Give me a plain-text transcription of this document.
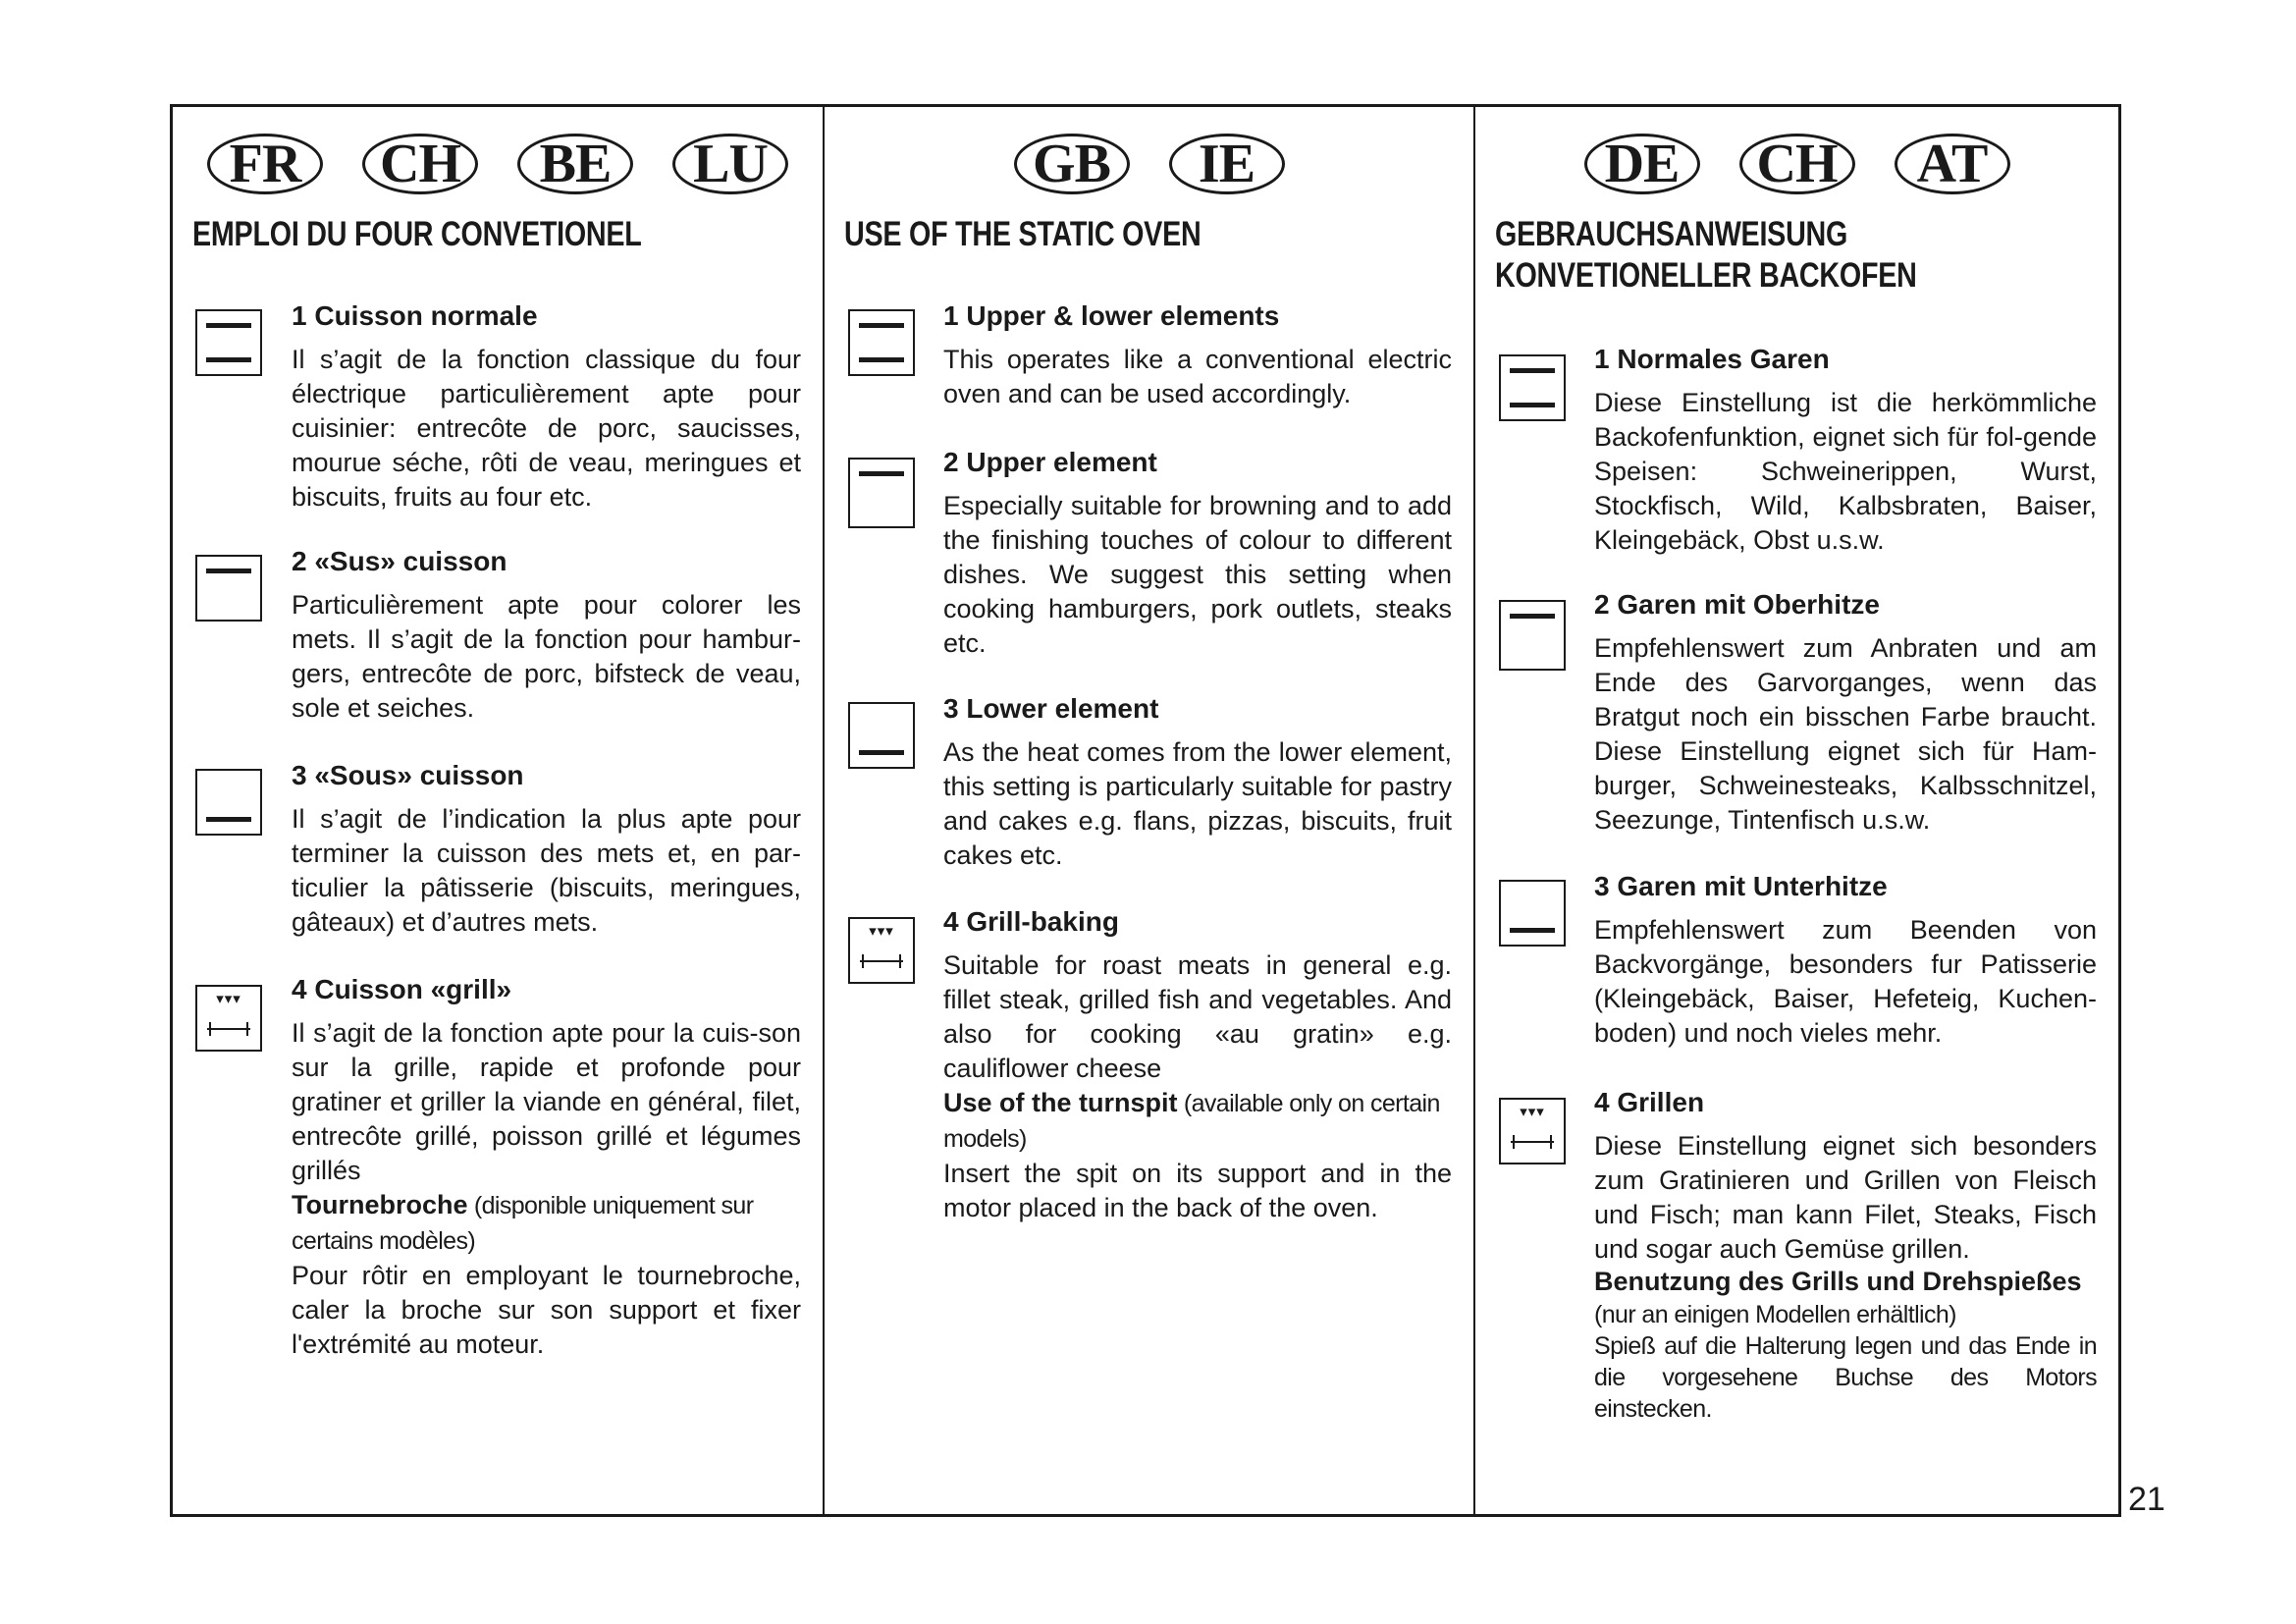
FR	CH	BE	LU
EMPLOI DU FOUR CONVETIONEL

1 Cuisson normale

Il s’agit de la fonction classique du four électrique particulièrement apte pour cuisinier: entrecôte de porc, saucisses, mourue séche, rôti de veau, meringues et biscuits, fruits au four etc.

2 «Sus» cuisson

Particulièrement apte pour colorer les mets. Il s’agit de la fonction pour hambur-gers, entrecôte de porc, bifsteck de veau, sole et seiches.

3 «Sous» cuisson

Il s’agit de l’indication la plus apte pour terminer la cuisson des mets et, en par-ticulier la pâtisserie (biscuits, meringues, gâteaux) et d’autres mets.

▾▾▾	4 Cuisson «grill»

Il s’agit de la fonction apte pour la cuis-son sur la grille, rapide et profonde pour gratiner et griller la viande en général, filet, entrecôte grillé, poisson grillé et légumes grillés

Tournebroche (disponible uniquement sur certains modèles)

Pour rôtir en employant le tournebroche, caler la broche sur son support et fixer l'extrémité au moteur.

GB	IE
USE OF THE STATIC OVEN

1 Upper & lower elements

This operates like a conventional electric oven and can be used accordingly.

2 Upper element

Especially suitable for browning and to add the finishing touches of colour to different dishes. We suggest this setting when cooking hamburgers, pork outlets, steaks etc.

3 Lower element

As the heat comes from the lower element, this setting is particularly suitable for pastry and cakes e.g. flans, pizzas, biscuits, fruit cakes etc.

▾▾▾	4 Grill-baking

Suitable for roast meats in general e.g. fillet steak, grilled fish and vegetables. And also for cooking «au gratin» e.g. cauliflower cheese

Use of the turnspit (available only on certain models)

Insert the spit on its support and in the motor placed in the back of the oven.

DE	CH	AT
GEBRAUCHSANWEISUNG
KONVETIONELLER BACKOFEN

1 Normales Garen

Diese Einstellung ist die herkömmliche Backofenfunktion, eignet sich für fol-gende Speisen: Schweinerippen, Wurst, Stockfisch, Wild, Kalbsbraten, Baiser, Kleingebäck, Obst u.s.w.

2 Garen mit Oberhitze

Empfehlenswert zum Anbraten und am Ende des Garvorganges, wenn das Bratgut noch ein bisschen Farbe braucht. Diese Einstellung eignet sich für Ham-burger, Schweinesteaks, Kalbsschnitzel, Seezunge, Tintenfisch u.s.w.

3 Garen mit Unterhitze

Empfehlenswert zum Beenden von Backvorgänge, besonders fur Patisserie (Kleingebäck, Baiser, Hefeteig, Kuchen-boden) und noch vieles mehr.

▾▾▾	4 Grillen

Diese Einstellung eignet sich besonders zum Gratinieren und Grillen von Fleisch und Fisch; man kann Filet, Steaks, Fisch und sogar auch Gemüse grillen.

Benutzung des Grills und Drehspießes

(nur an einigen Modellen erhältlich)

Spieß auf die Halterung legen und das Ende in die vorgesehene Buchse des Motors einstecken.

21
